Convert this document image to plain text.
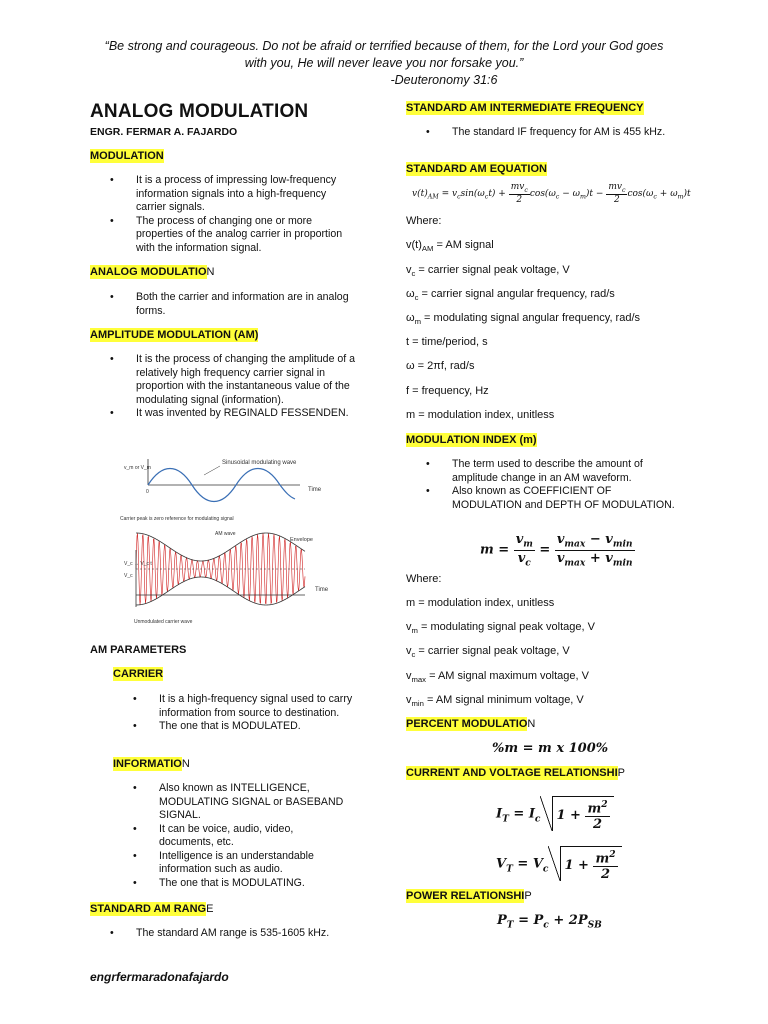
“Be strong and courageous. Do not be afraid or terrified because of them, for the Lord your God goes
with you, He will never leave you nor forsake you.”

-Deuteronomy 31:6
ANALOG MODULATION
ENGR. FERMAR A. FAJARDO
MODULATION
• It is a process of impressing low-frequency information signals into a high-frequency carrier signals.
• The process of changing one or more properties of the analog carrier in proportion with the information signal.
ANALOG MODULATION
• Both the carrier and information are in analog forms.
AMPLITUDE MODULATION (AM)
• It is the process of changing the amplitude of a relatively high frequency carrier signal in proportion with the instantaneous value of the modulating signal (information).
• It was invented by REGINALD FESSENDEN.
v_m or V_m
Sinusoidal modulating wave
0	Time
Carrier peak is zero reference for modulating signal
AM wave
Envelope
V_c → V_c t
V_c
Time
Unmodulated carrier wave
AM PARAMETERS
CARRIER
• It is a high-frequency signal used to carry information from source to destination.
• The one that is MODULATED.
INFORMATION
• Also known as INTELLIGENCE, MODULATING SIGNAL or BASEBAND SIGNAL.
• It can be voice, audio, video, documents, etc.
• Intelligence is an understandable information such as audio.
• The one that is MODULATING.
STANDARD AM RANGE
• The standard AM range is 535-1605 kHz.
STANDARD AM INTERMEDIATE FREQUENCY
• The standard IF frequency for AM is 455 kHz.
STANDARD AM EQUATION
$v(t)_{AM} = v_c\sin(\omega_ct) + \frac{mv_c}{2} \cos(\omega_c - \omega_m)t - \frac{mv_c}{2} \cos(\omega_c + \omega_m)t$
Where:
$v(t)_{AM}$ = AM signal
$v_c$ = carrier signal peak voltage, V
$\omega_c$ = carrier signal angular frequency, rad/s
$\omega_m$ = modulating signal angular frequency, rad/s
t = time/period, s
ω = 2πf, rad/s
f = frequency, Hz
m = modulation index, unitless
MODULATION INDEX (m)
• The term used to describe the amount of amplitude change in an AM waveform.
• Also known as COEFFICIENT OF MODULATION and DEPTH OF MODULATION.
$m = \frac{v_m}{v_c} = \frac{v_{max} - v_{min}}{v_{max} + v_{min}}$
Where:
m = modulation index, unitless
$v_m$ = modulating signal peak voltage, V
$v_c$ = carrier signal peak voltage, V
$v_{max}$ = AM signal maximum voltage, V
$v_{min}$ = AM signal minimum voltage, V
PERCENT MODULATION
%m = m x 100%
CURRENT AND VOLTAGE RELATIONSHIP
$I_T = I_c$ $1 + \frac{m^2}{2}$
$V_T = V_c$ $1 + \frac{m^2}{2}$
POWER RELATIONSHIP
$P_T = P_c + 2P_{SB}$
engrfermaradonafajardo
